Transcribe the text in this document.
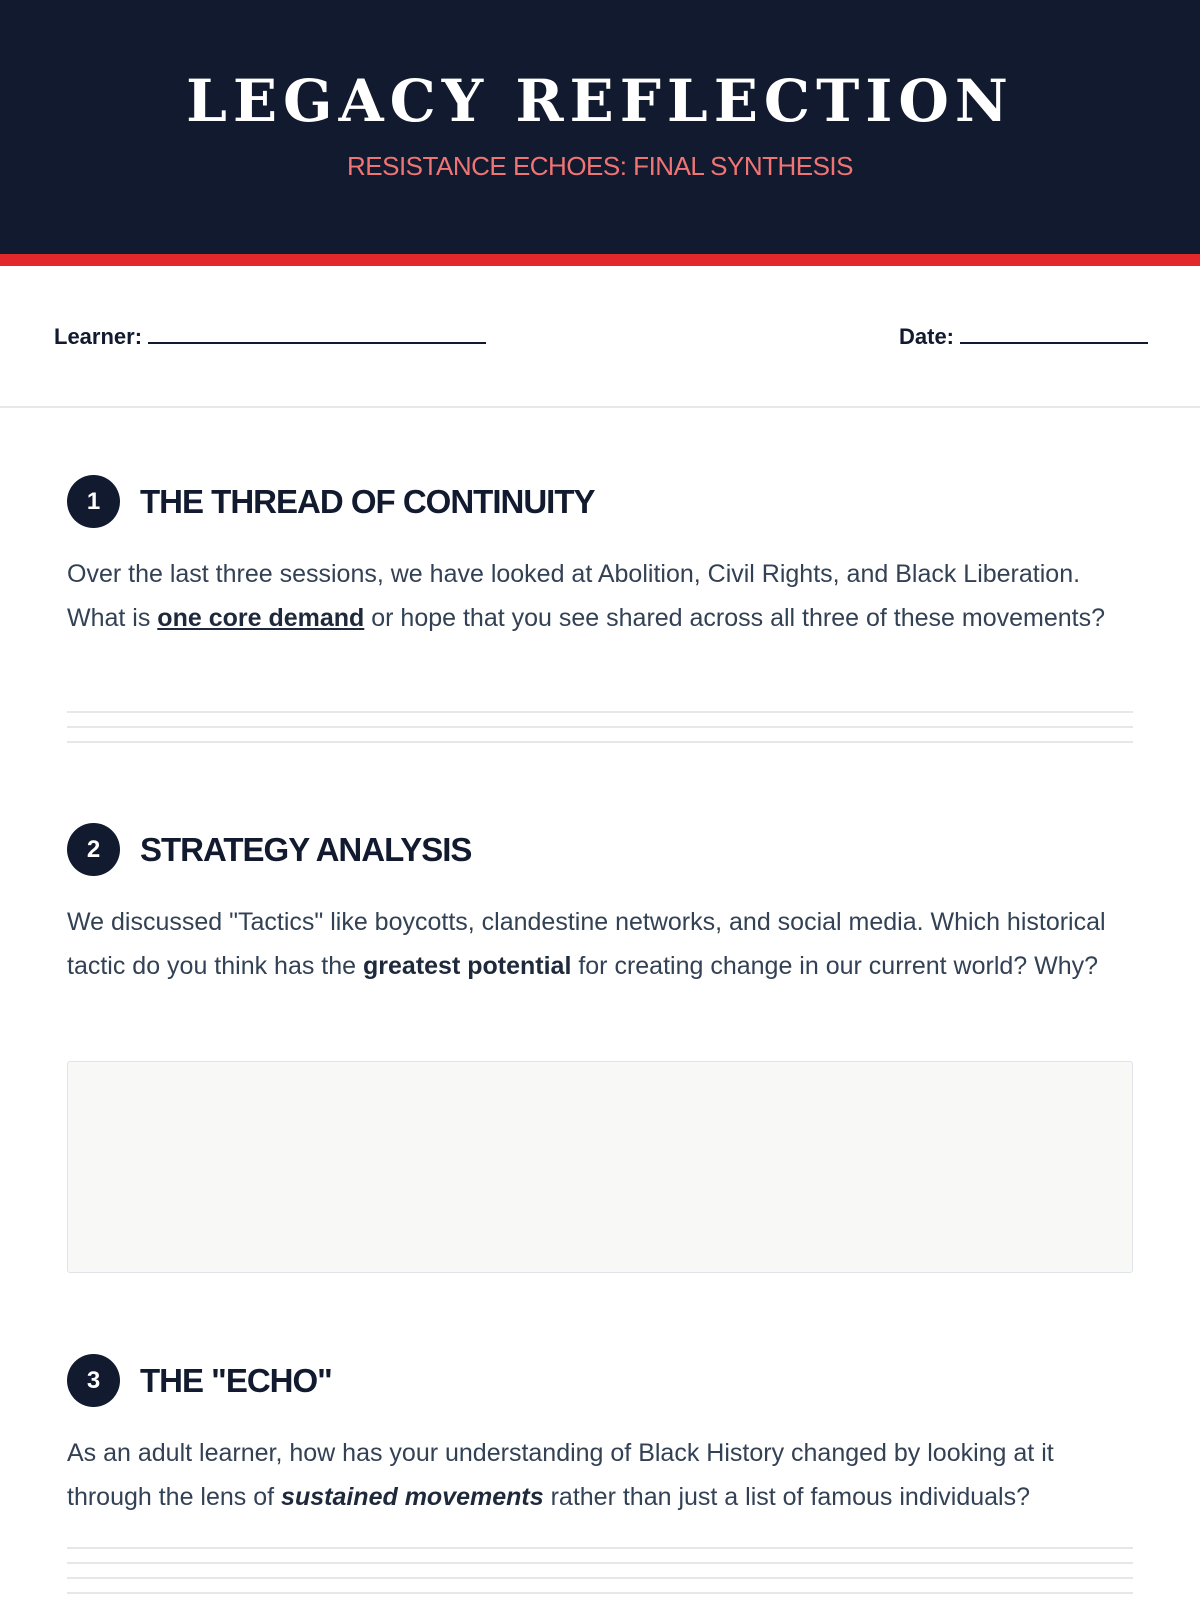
LEGACY REFLECTION
RESISTANCE ECHOES: FINAL SYNTHESIS
Learner:	Date:
1	THE THREAD OF CONTINUITY
Over the last three sessions, we have looked at Abolition, Civil Rights, and Black Liberation. What is one core demand or hope that you see shared across all three of these movements?
2	STRATEGY ANALYSIS
We discussed "Tactics" like boycotts, clandestine networks, and social media. Which historical tactic do you think has the greatest potential for creating change in our current world? Why?
3	THE "ECHO"
As an adult learner, how has your understanding of Black History changed by looking at it through the lens of sustained movements rather than just a list of famous individuals?
